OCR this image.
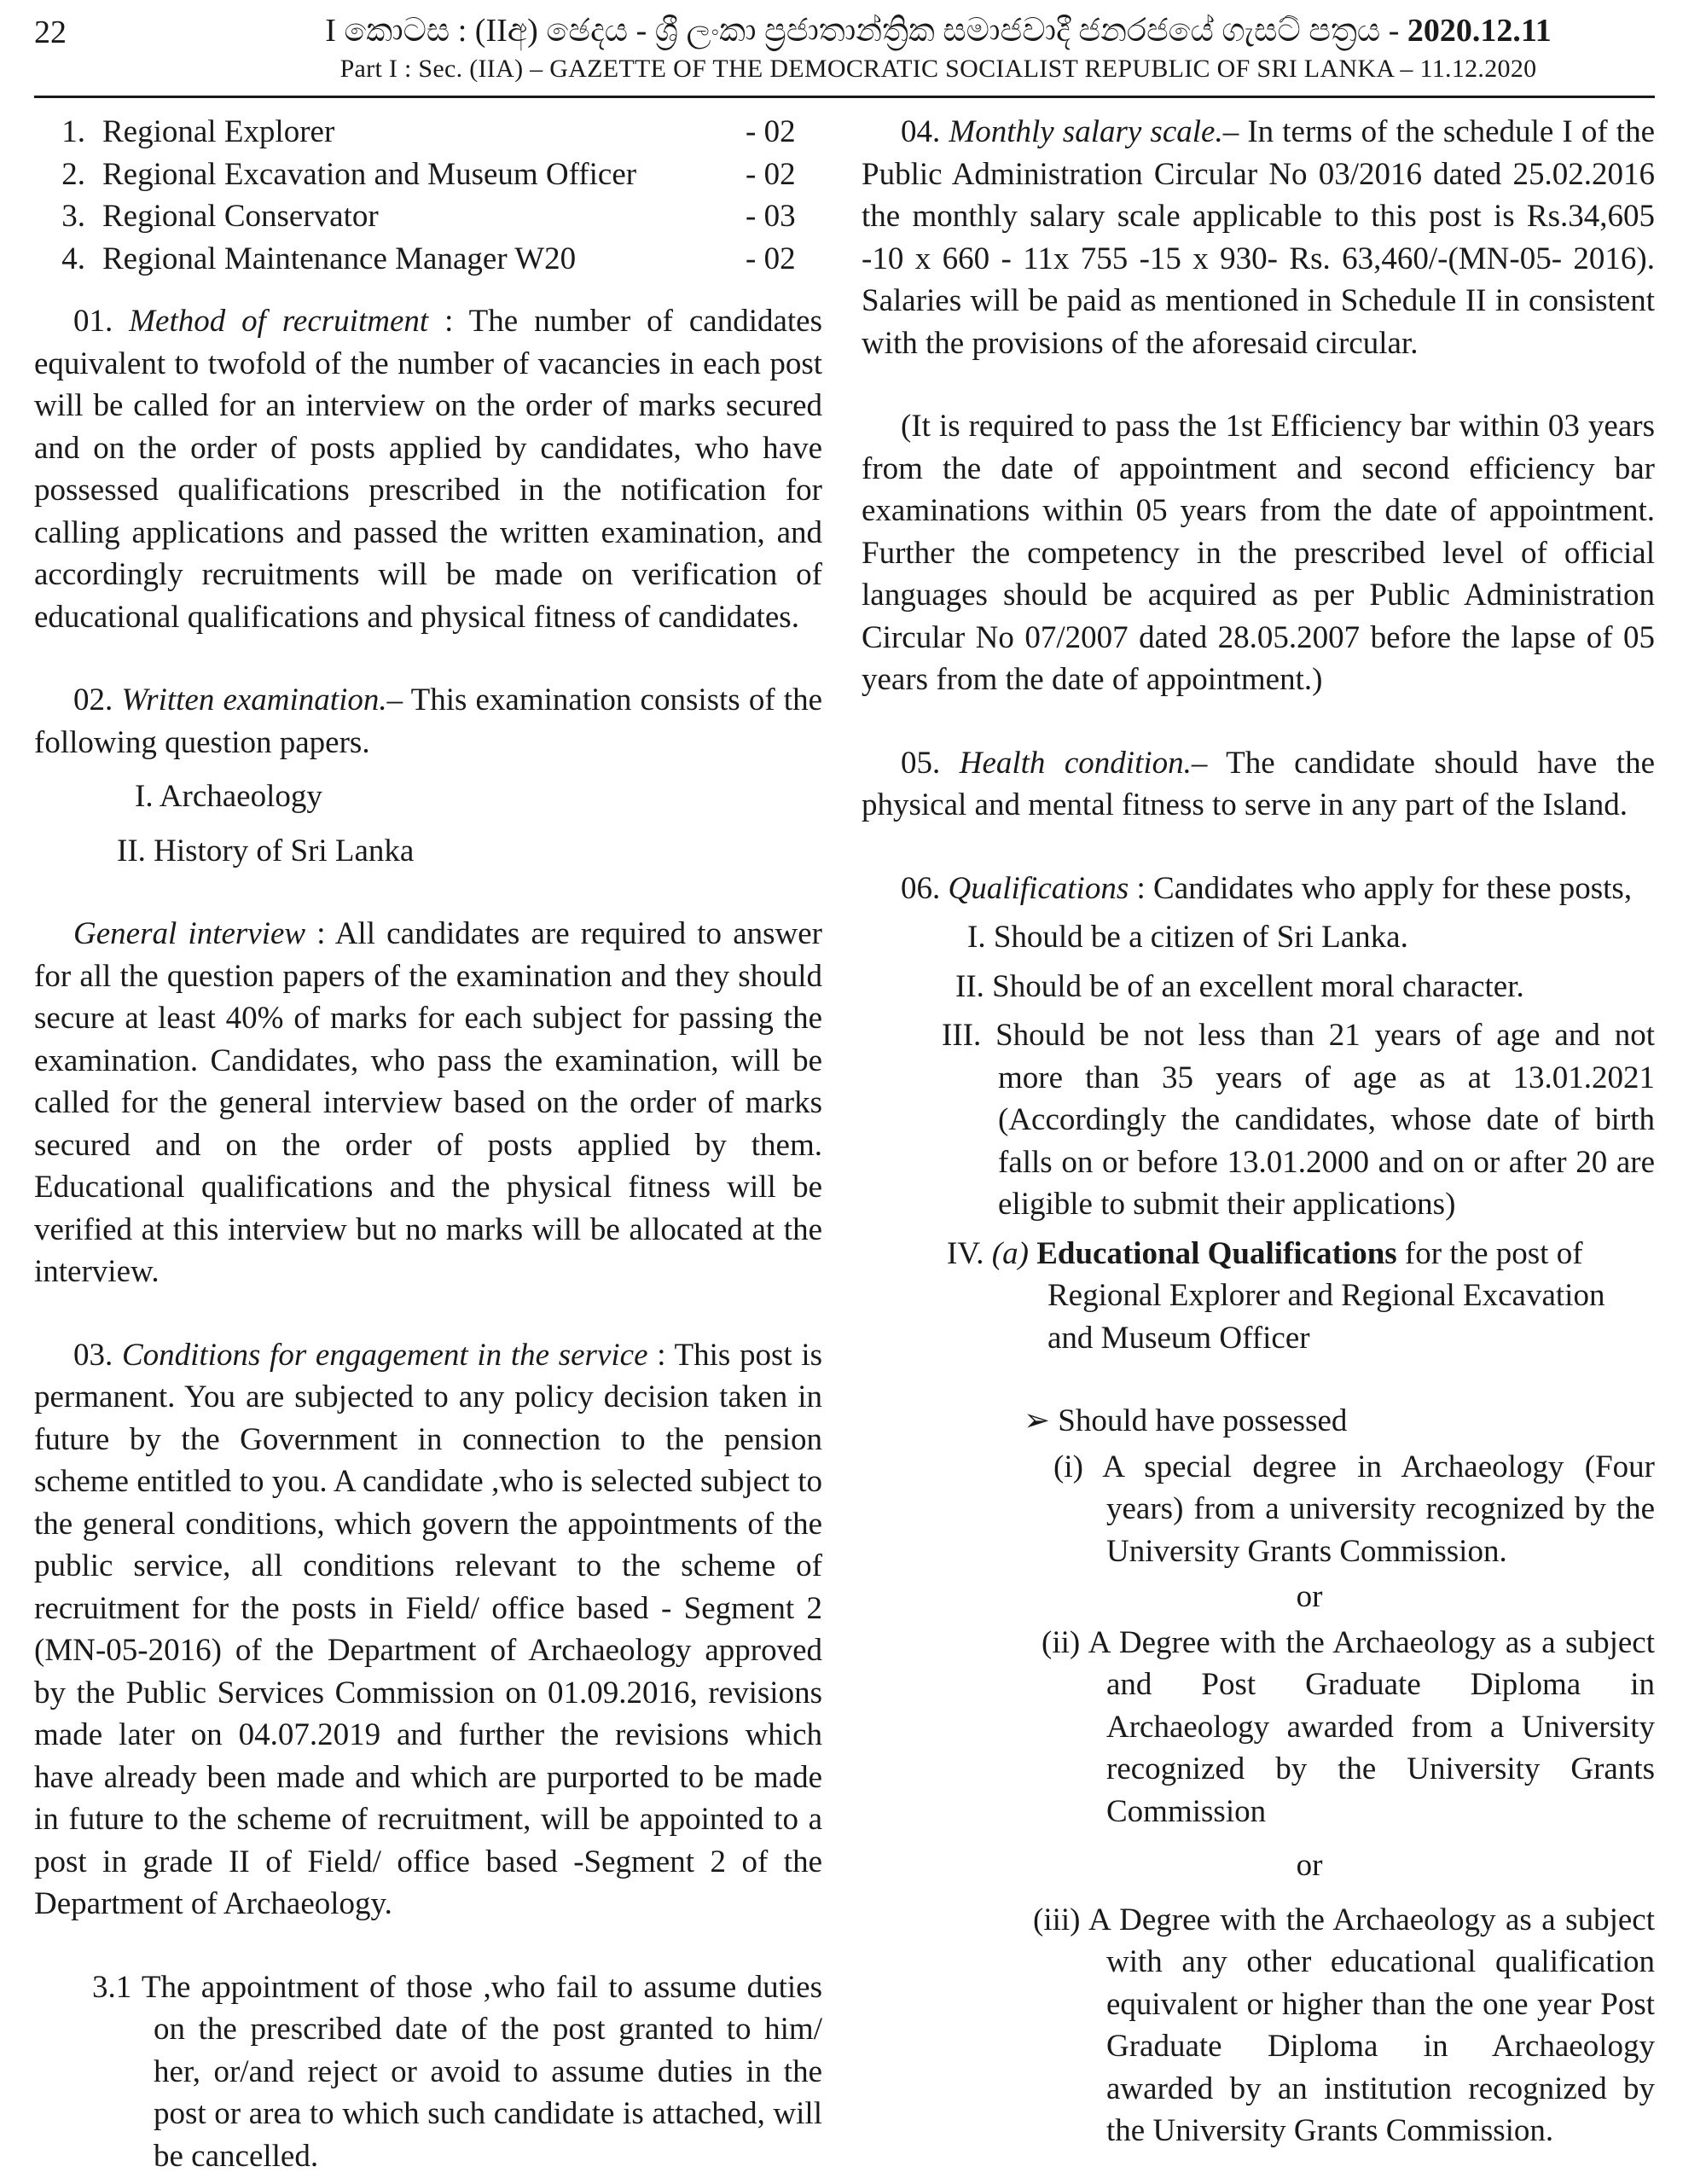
22	I කොටස : (IIඅ) ඡෙදය - ශ්‍රී ලංකා ප්‍රජාතාන්ත්‍රික සමාජවාදී ජනරජයේ ගැසට් පත්‍රය - 2020.12.11
Part I : Sec. (IIA) – GAZETTE OF THE DEMOCRATIC SOCIALIST REPUBLIC OF SRI LANKA – 11.12.2020
1. Regional Explorer	- 02
2. Regional Excavation and Museum Officer	- 02
3. Regional Conservator	- 03
4. Regional Maintenance Manager W20	- 02

01. Method of recruitment : The number of candidates equivalent to twofold of the number of vacancies in each post will be called for an interview on the order of marks secured and on the order of posts applied by candidates, who have possessed qualifications prescribed in the notification for calling applications and passed the written examination, and accordingly recruitments will be made on verification of educational qualifications and physical fitness of candidates.

02. Written examination.– This examination consists of the following question papers.

I. Archaeology

II. History of Sri Lanka

General interview : All candidates are required to answer for all the question papers of the examination and they should secure at least 40% of marks for each subject for passing the examination. Candidates, who pass the examination, will be called for the general interview based on the order of marks secured and on the order of posts applied by them. Educational qualifications and the physical fitness will be verified at this interview but no marks will be allocated at the interview.

03. Conditions for engagement in the service : This post is permanent. You are subjected to any policy decision taken in future by the Government in connection to the pension scheme entitled to you. A candidate ,who is selected subject to the general conditions, which govern the appointments of the public service, all conditions relevant to the scheme of recruitment for the posts in Field/ office based - Segment 2 (MN-05-2016) of the Department of Archaeology approved by the Public Services Commission on 01.09.2016, revisions made later on 04.07.2019 and further the revisions which have already been made and which are purported to be made in future to the scheme of recruitment, will be appointed to a post in grade II of Field/ office based -Segment 2 of the Department of Archaeology.

3.1 The appointment of those ,who fail to assume duties on the prescribed date of the post granted to him/ her, or/and reject or avoid to assume duties in the post or area to which such candidate is attached, will be cancelled.

04. Monthly salary scale.– In terms of the schedule I of the Public Administration Circular No 03/2016 dated 25.02.2016 the monthly salary scale applicable to this post is Rs.34,605 -10 x 660 - 11x 755 -15 x 930- Rs. 63,460/-(MN-05- 2016). Salaries will be paid as mentioned in Schedule II in consistent with the provisions of the aforesaid circular.

(It is required to pass the 1st Efficiency bar within 03 years from the date of appointment and second efficiency bar examinations within 05 years from the date of appointment. Further the competency in the prescribed level of official languages should be acquired as per Public Administration Circular No 07/2007 dated 28.05.2007 before the lapse of 05 years from the date of appointment.)

05. Health condition.– The candidate should have the physical and mental fitness to serve in any part of the Island.

06. Qualifications : Candidates who apply for these posts,

I. Should be a citizen of Sri Lanka.

II. Should be of an excellent moral character.

III. Should be not less than 21 years of age and not more than 35 years of age as at 13.01.2021 (Accordingly the candidates, whose date of birth falls on or before 13.01.2000 and on or after 20 are eligible to submit their applications)

IV. (a) Educational Qualifications for the post of Regional Explorer and Regional Excavation and Museum Officer

➢ Should have possessed

(i) A special degree in Archaeology (Four years) from a university recognized by the University Grants Commission.

or

(ii) A Degree with the Archaeology as a subject and Post Graduate Diploma in Archaeology awarded from a University recognized by the University Grants Commission

or

(iii) A Degree with the Archaeology as a subject with any other educational qualification equivalent or higher than the one year Post Graduate Diploma in Archaeology awarded by an institution recognized by the University Grants Commission.
